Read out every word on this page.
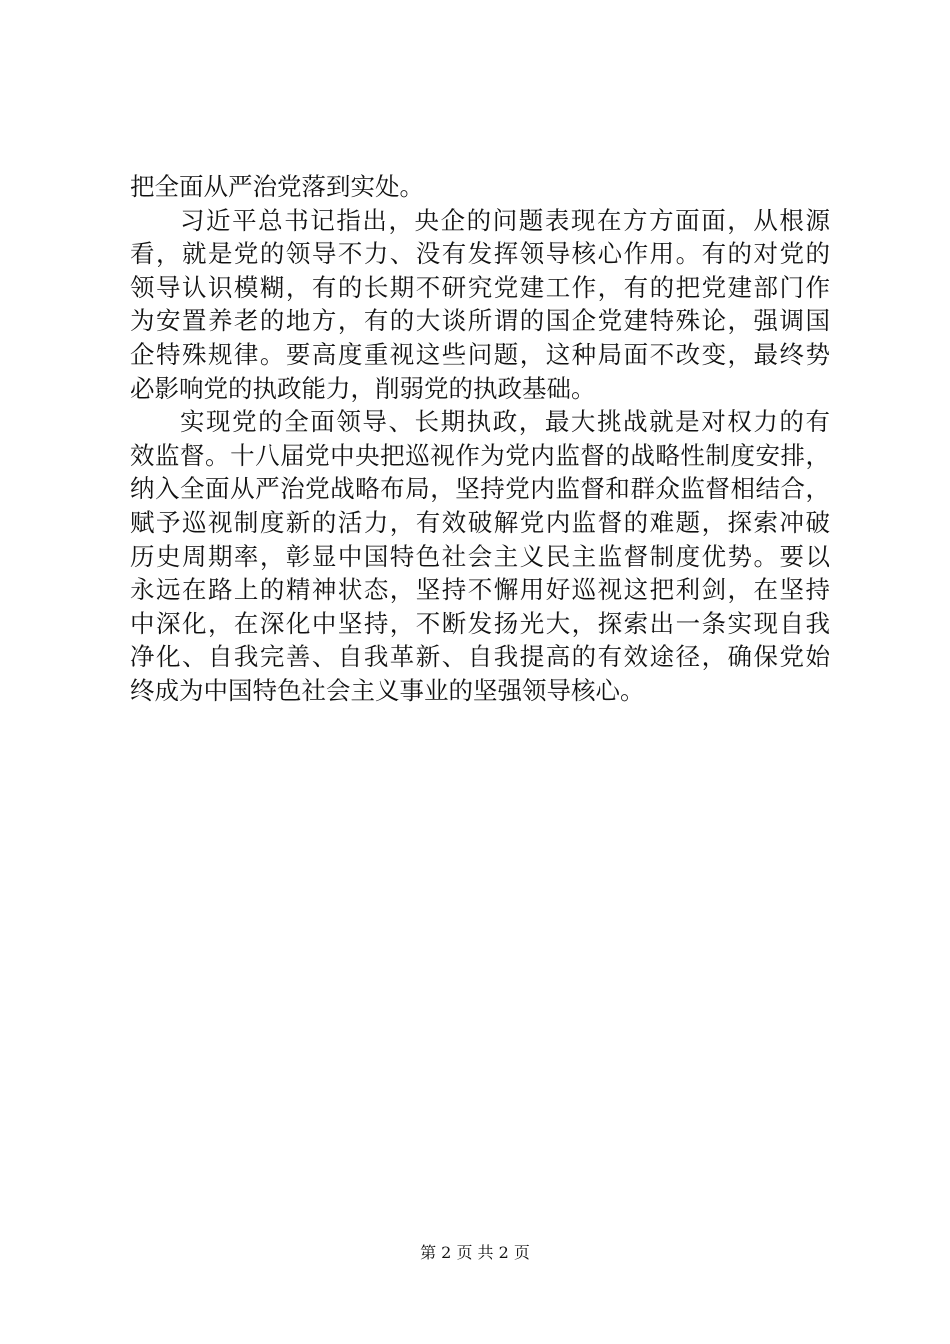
把全面从严治党落到实处。
习近平总书记指出，央企的问题表现在方方面面，从根源
看，就是党的领导不力、没有发挥领导核心作用。有的对党的
领导认识模糊，有的长期不研究党建工作，有的把党建部门作
为安置养老的地方，有的大谈所谓的国企党建特殊论，强调国
企特殊规律。要高度重视这些问题，这种局面不改变，最终势
必影响党的执政能力，削弱党的执政基础。
实现党的全面领导、长期执政，最大挑战就是对权力的有
效监督。十八届党中央把巡视作为党内监督的战略性制度安排，
纳入全面从严治党战略布局，坚持党内监督和群众监督相结合，
赋予巡视制度新的活力，有效破解党内监督的难题，探索冲破
历史周期率，彰显中国特色社会主义民主监督制度优势。要以
永远在路上的精神状态，坚持不懈用好巡视这把利剑，在坚持
中深化，在深化中坚持，不断发扬光大，探索出一条实现自我
净化、自我完善、自我革新、自我提高的有效途径，确保党始
终成为中国特色社会主义事业的坚强领导核心。
第 2 页 共 2 页
